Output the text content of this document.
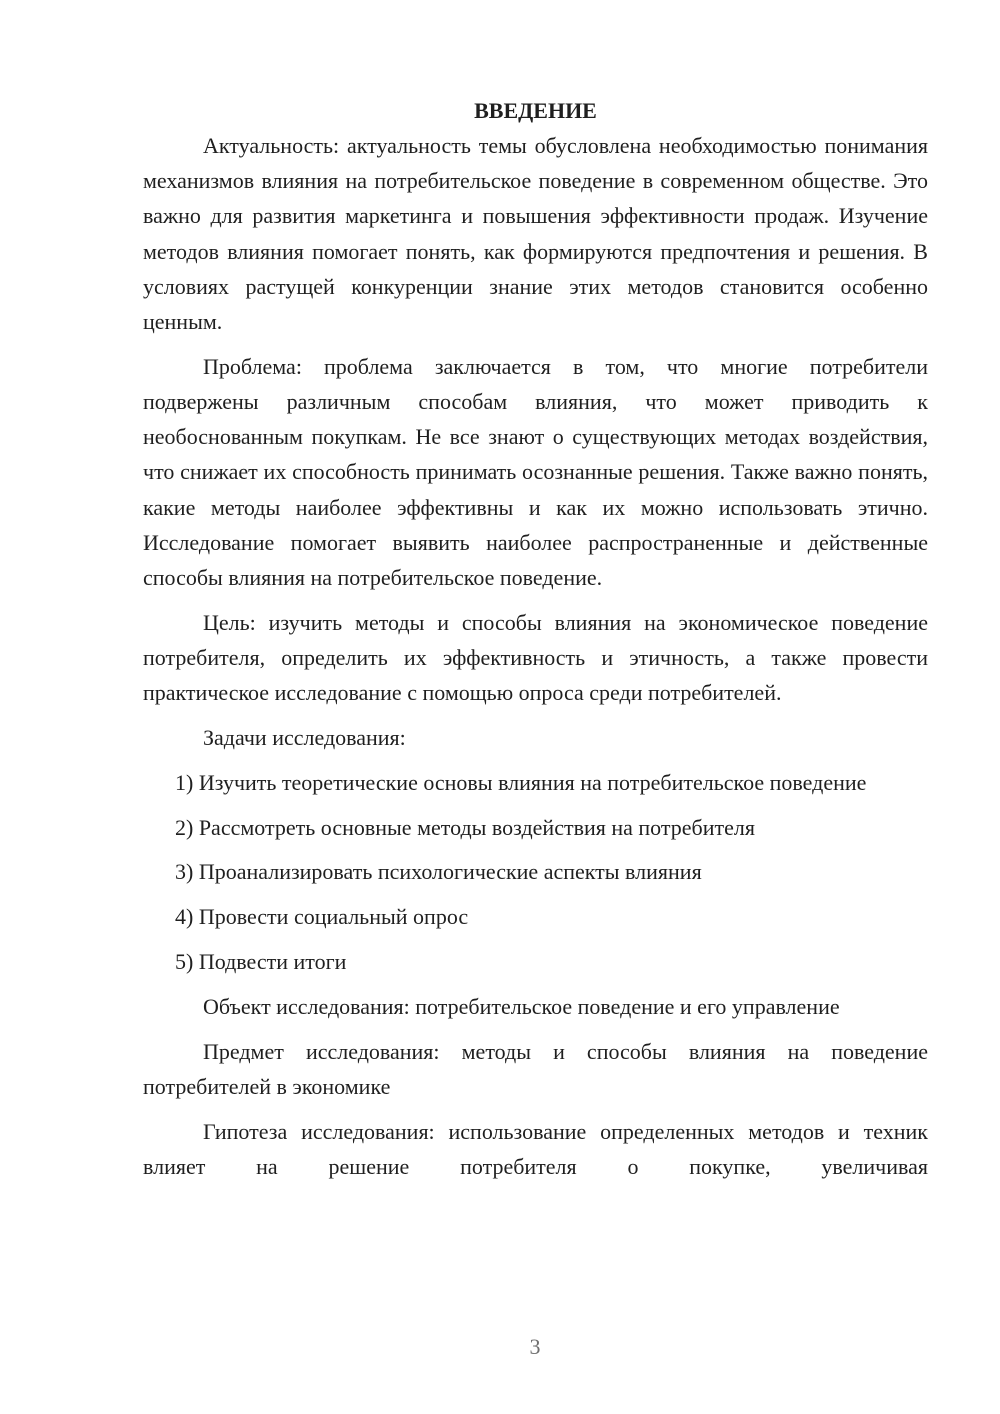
ВВЕДЕНИЕ

Актуальность: актуальность темы обусловлена необходимостью понимания механизмов влияния на потребительское поведение в современном обществе. Это важно для развития маркетинга и повышения эффективности продаж. Изучение методов влияния помогает понять, как формируются предпочтения и решения. В условиях растущей конкуренции знание этих методов становится особенно ценным.

Проблема: проблема заключается в том, что многие потребители подвержены различным способам влияния, что может приводить к необоснованным покупкам. Не все знают о существующих методах воздействия, что снижает их способность принимать осознанные решения. Также важно понять, какие методы наиболее эффективны и как их можно использовать этично. Исследование помогает выявить наиболее распространенные и действенные способы влияния на потребительское поведение.

Цель: изучить методы и способы влияния на экономическое поведение потребителя, определить их эффективность и этичность, а также провести практическое исследование с помощью опроса среди потребителей.

Задачи исследования:

1) Изучить теоретические основы влияния на потребительское поведение

2) Рассмотреть основные методы воздействия на потребителя

3) Проанализировать психологические аспекты влияния

4) Провести социальный опрос

5) Подвести итоги

Объект исследования: потребительское поведение и его управление

Предмет исследования: методы и способы влияния на поведение потребителей в экономике

Гипотеза исследования: использование определенных методов и техник влияет на решение потребителя о покупке, увеличивая

3
